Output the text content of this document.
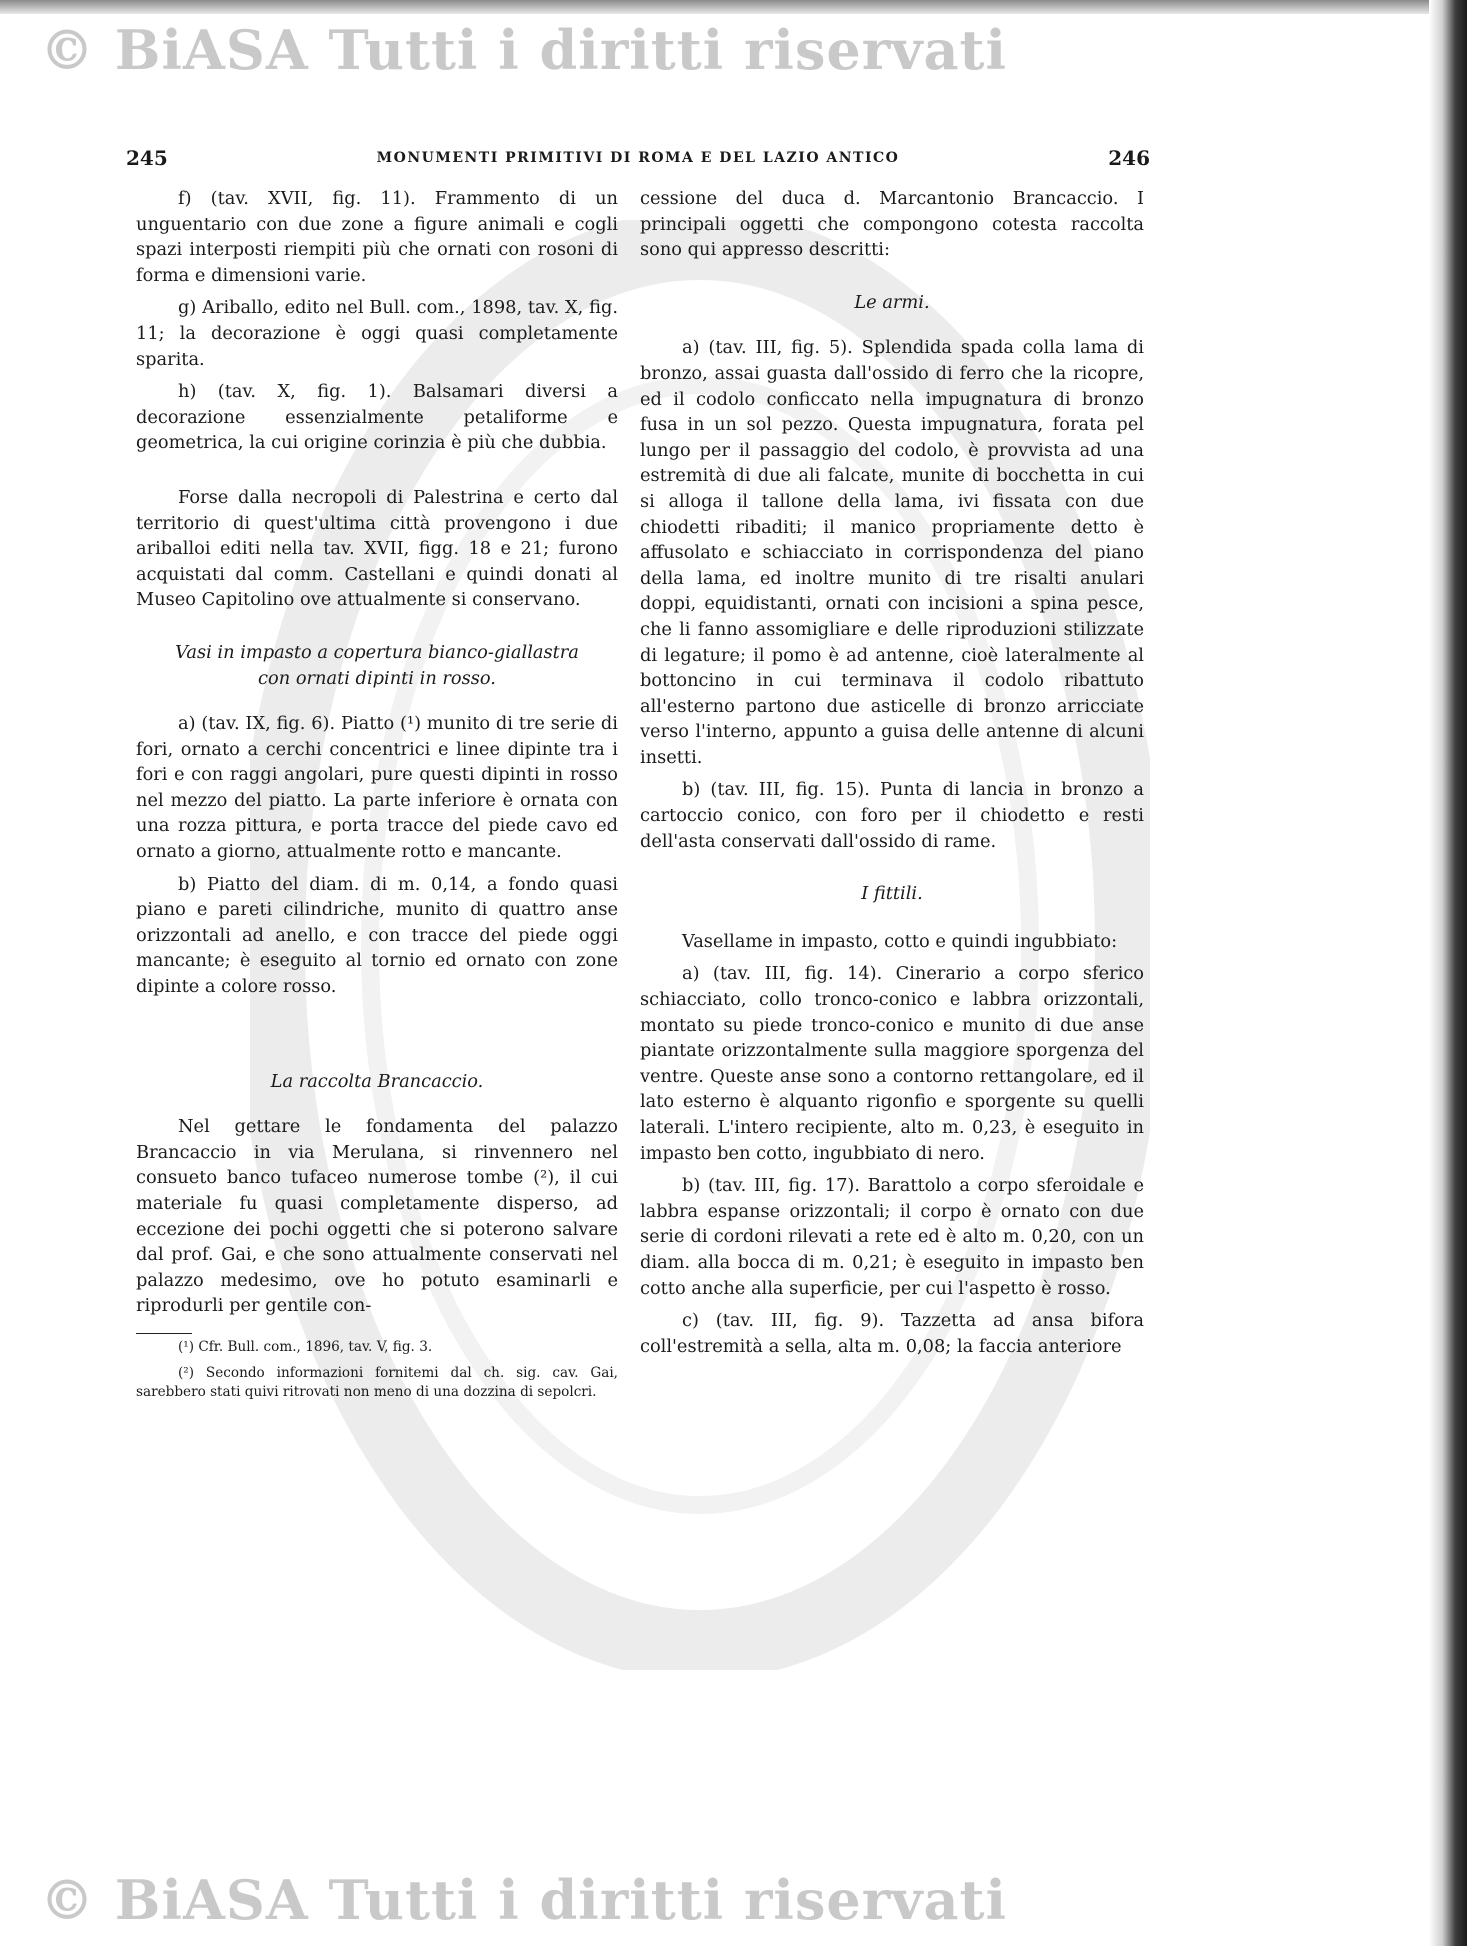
© BiASA Tutti i diritti riservati
245	MONUMENTI PRIMITIVI DI ROMA E DEL LAZIO ANTICO	246

f) (tav. XVII, fig. 11). Frammento di un unguentario con due zone a figure animali e cogli spazi interposti riempiti più che ornati con rosoni di forma e dimensioni varie.

g) Ariballo, edito nel Bull. com., 1898, tav. X, fig. 11; la decorazione è oggi quasi completamente sparita.

h) (tav. X, fig. 1). Balsamari diversi a decorazione essenzialmente petaliforme e geometrica, la cui origine corinzia è più che dubbia.

Forse dalla necropoli di Palestrina e certo dal territorio di quest'ultima città provengono i due ariballoi editi nella tav. XVII, figg. 18 e 21; furono acquistati dal comm. Castellani e quindi donati al Museo Capitolino ove attualmente si conservano.

Vasi in impasto a copertura bianco-giallastra
con ornati dipinti in rosso.

a) (tav. IX, fig. 6). Piatto (¹) munito di tre serie di fori, ornato a cerchi concentrici e linee dipinte tra i fori e con raggi angolari, pure questi dipinti in rosso nel mezzo del piatto. La parte inferiore è ornata con una rozza pittura, e porta tracce del piede cavo ed ornato a giorno, attualmente rotto e mancante.

b) Piatto del diam. di m. 0,14, a fondo quasi piano e pareti cilindriche, munito di quattro anse orizzontali ad anello, e con tracce del piede oggi mancante; è eseguito al tornio ed ornato con zone dipinte a colore rosso.

La raccolta Brancaccio.

Nel gettare le fondamenta del palazzo Brancaccio in via Merulana, si rinvennero nel consueto banco tufaceo numerose tombe (²), il cui materiale fu quasi completamente disperso, ad eccezione dei pochi oggetti che si poterono salvare dal prof. Gai, e che sono attualmente conservati nel palazzo medesimo, ove ho potuto esaminarli e riprodurli per gentile con-

(¹) Cfr. Bull. com., 1896, tav. V, fig. 3.

(²) Secondo informazioni fornitemi dal ch. sig. cav. Gai, sarebbero stati quivi ritrovati non meno di una dozzina di sepolcri.

cessione del duca d. Marcantonio Brancaccio. I principali oggetti che compongono cotesta raccolta sono qui appresso descritti:

Le armi.

a) (tav. III, fig. 5). Splendida spada colla lama di bronzo, assai guasta dall'ossido di ferro che la ricopre, ed il codolo conficcato nella impugnatura di bronzo fusa in un sol pezzo. Questa impugnatura, forata pel lungo per il passaggio del codolo, è provvista ad una estremità di due ali falcate, munite di bocchetta in cui si alloga il tallone della lama, ivi fissata con due chiodetti ribaditi; il manico propriamente detto è affusolato e schiacciato in corrispondenza del piano della lama, ed inoltre munito di tre risalti anulari doppi, equidistanti, ornati con incisioni a spina pesce, che li fanno assomigliare e delle riproduzioni stilizzate di legature; il pomo è ad antenne, cioè lateralmente al bottoncino in cui terminava il codolo ribattuto all'esterno partono due asticelle di bronzo arricciate verso l'interno, appunto a guisa delle antenne di alcuni insetti.

b) (tav. III, fig. 15). Punta di lancia in bronzo a cartoccio conico, con foro per il chiodetto e resti dell'asta conservati dall'ossido di rame.

I fittili.

Vasellame in impasto, cotto e quindi ingubbiato:

a) (tav. III, fig. 14). Cinerario a corpo sferico schiacciato, collo tronco-conico e labbra orizzontali, montato su piede tronco-conico e munito di due anse piantate orizzontalmente sulla maggiore sporgenza del ventre. Queste anse sono a contorno rettangolare, ed il lato esterno è alquanto rigonfio e sporgente su quelli laterali. L'intero recipiente, alto m. 0,23, è eseguito in impasto ben cotto, ingubbiato di nero.

b) (tav. III, fig. 17). Barattolo a corpo sferoidale e labbra espanse orizzontali; il corpo è ornato con due serie di cordoni rilevati a rete ed è alto m. 0,20, con un diam. alla bocca di m. 0,21; è eseguito in impasto ben cotto anche alla superficie, per cui l'aspetto è rosso.

c) (tav. III, fig. 9). Tazzetta ad ansa bifora coll'estremità a sella, alta m. 0,08; la faccia anteriore

© BiASA Tutti i diritti riservati
